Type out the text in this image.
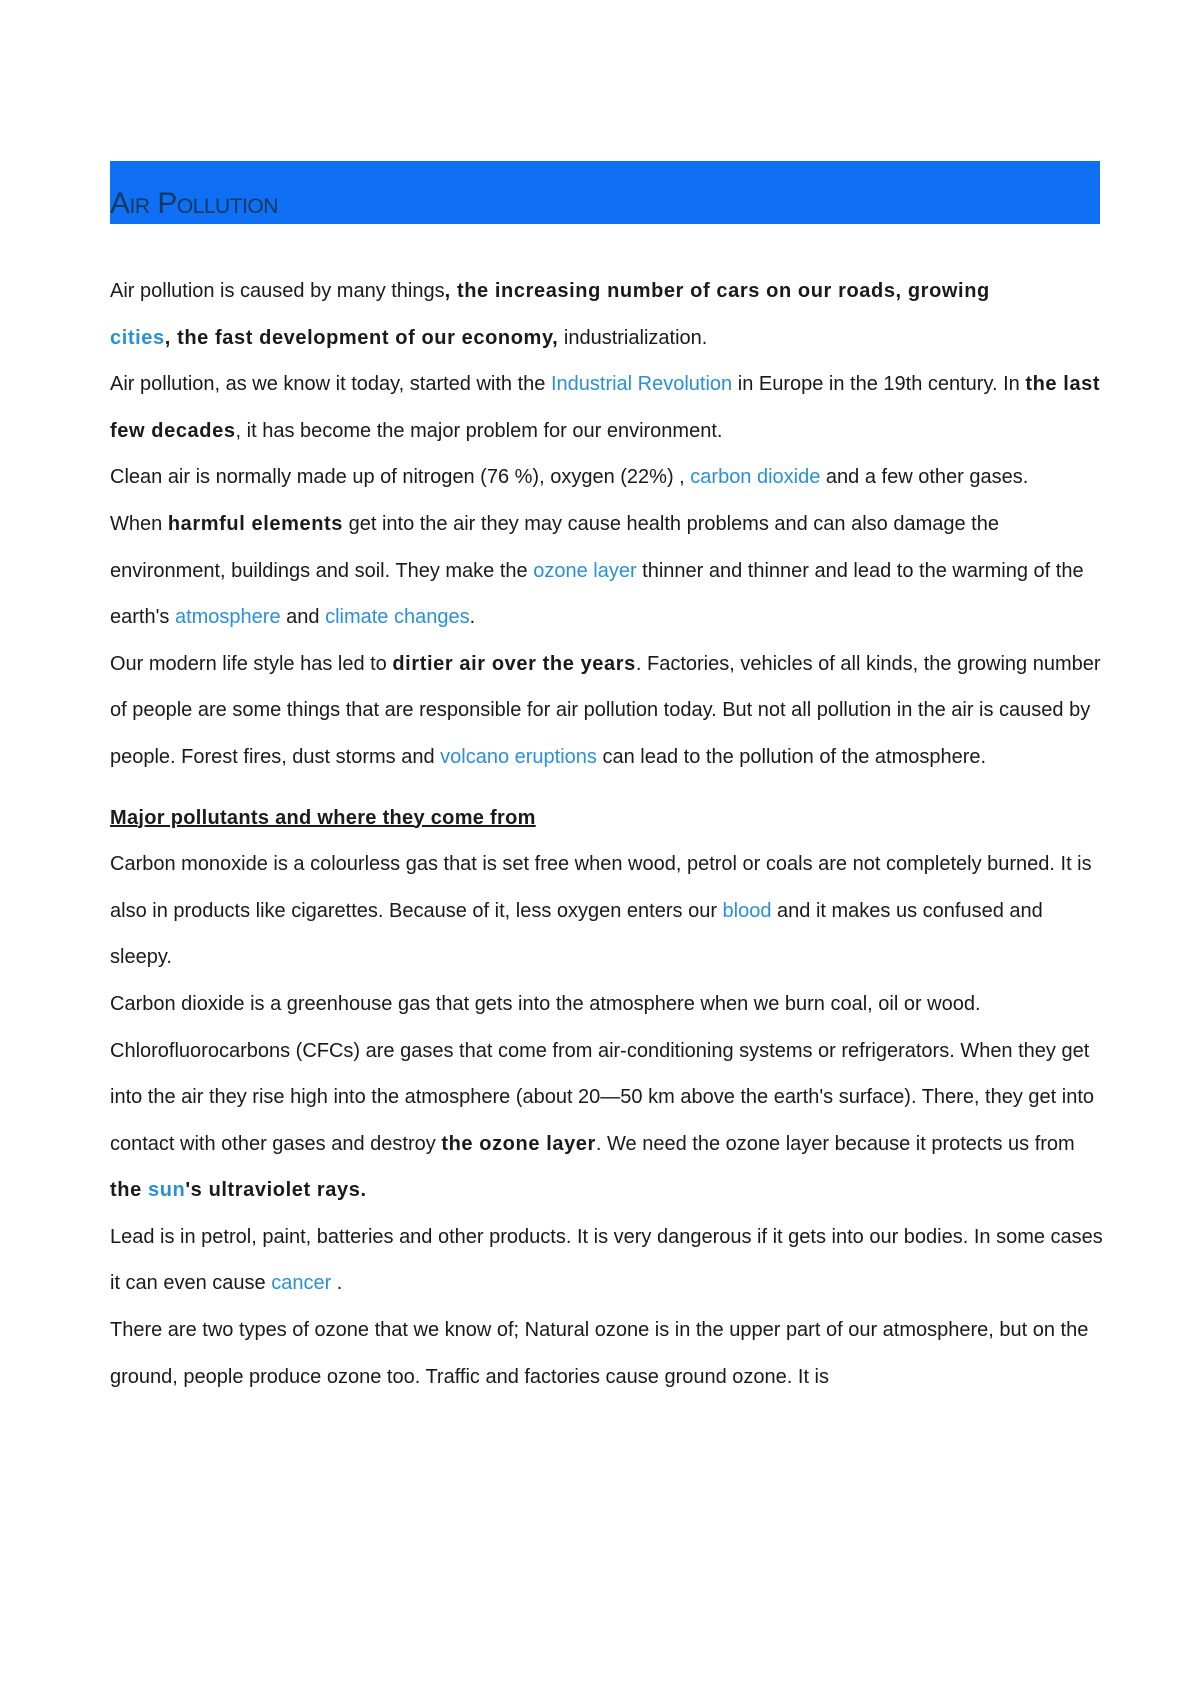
Air Pollution

Air pollution is caused by many things, the increasing number of cars on our roads, growing
cities, the fast development of our economy, industrialization.

Air pollution, as we know it today, started with the Industrial Revolution in Europe in the 19th century. In the last few decades, it has become the major problem for our environment.

Clean air is normally made up of nitrogen (76 %), oxygen (22%) , carbon dioxide and a few other gases.

When harmful elements get into the air they may cause health problems and can also damage the environment, buildings and soil. They make the ozone layer thinner and thinner and lead to the warming of the earth's atmosphere and climate changes.

Our modern life style has led to dirtier air over the years. Factories, vehicles of all kinds, the growing number of people are some things that are responsible for air pollution today. But not all pollution in the air is caused by people. Forest fires, dust storms and volcano eruptions can lead to the pollution of the atmosphere.

Major pollutants and where they come from

Carbon monoxide is a colourless gas that is set free when wood, petrol or coals are not completely burned. It is also in products like cigarettes. Because of it, less oxygen enters our blood and it makes us confused and sleepy.

Carbon dioxide is a greenhouse gas that gets into the atmosphere when we burn coal, oil or wood.

Chlorofluorocarbons (CFCs) are gases that come from air-conditioning systems or refrigerators. When they get into the air they rise high into the atmosphere (about 20—50 km above the earth's surface). There, they get into contact with other gases and destroy the ozone layer. We need the ozone layer because it protects us from the sun's ultraviolet rays.

Lead is in petrol, paint, batteries and other products. It is very dangerous if it gets into our bodies. In some cases it can even cause cancer .

There are two types of ozone that we know of; Natural ozone is in the upper part of our atmosphere, but on the ground, people produce ozone too. Traffic and factories cause ground ozone. It is
